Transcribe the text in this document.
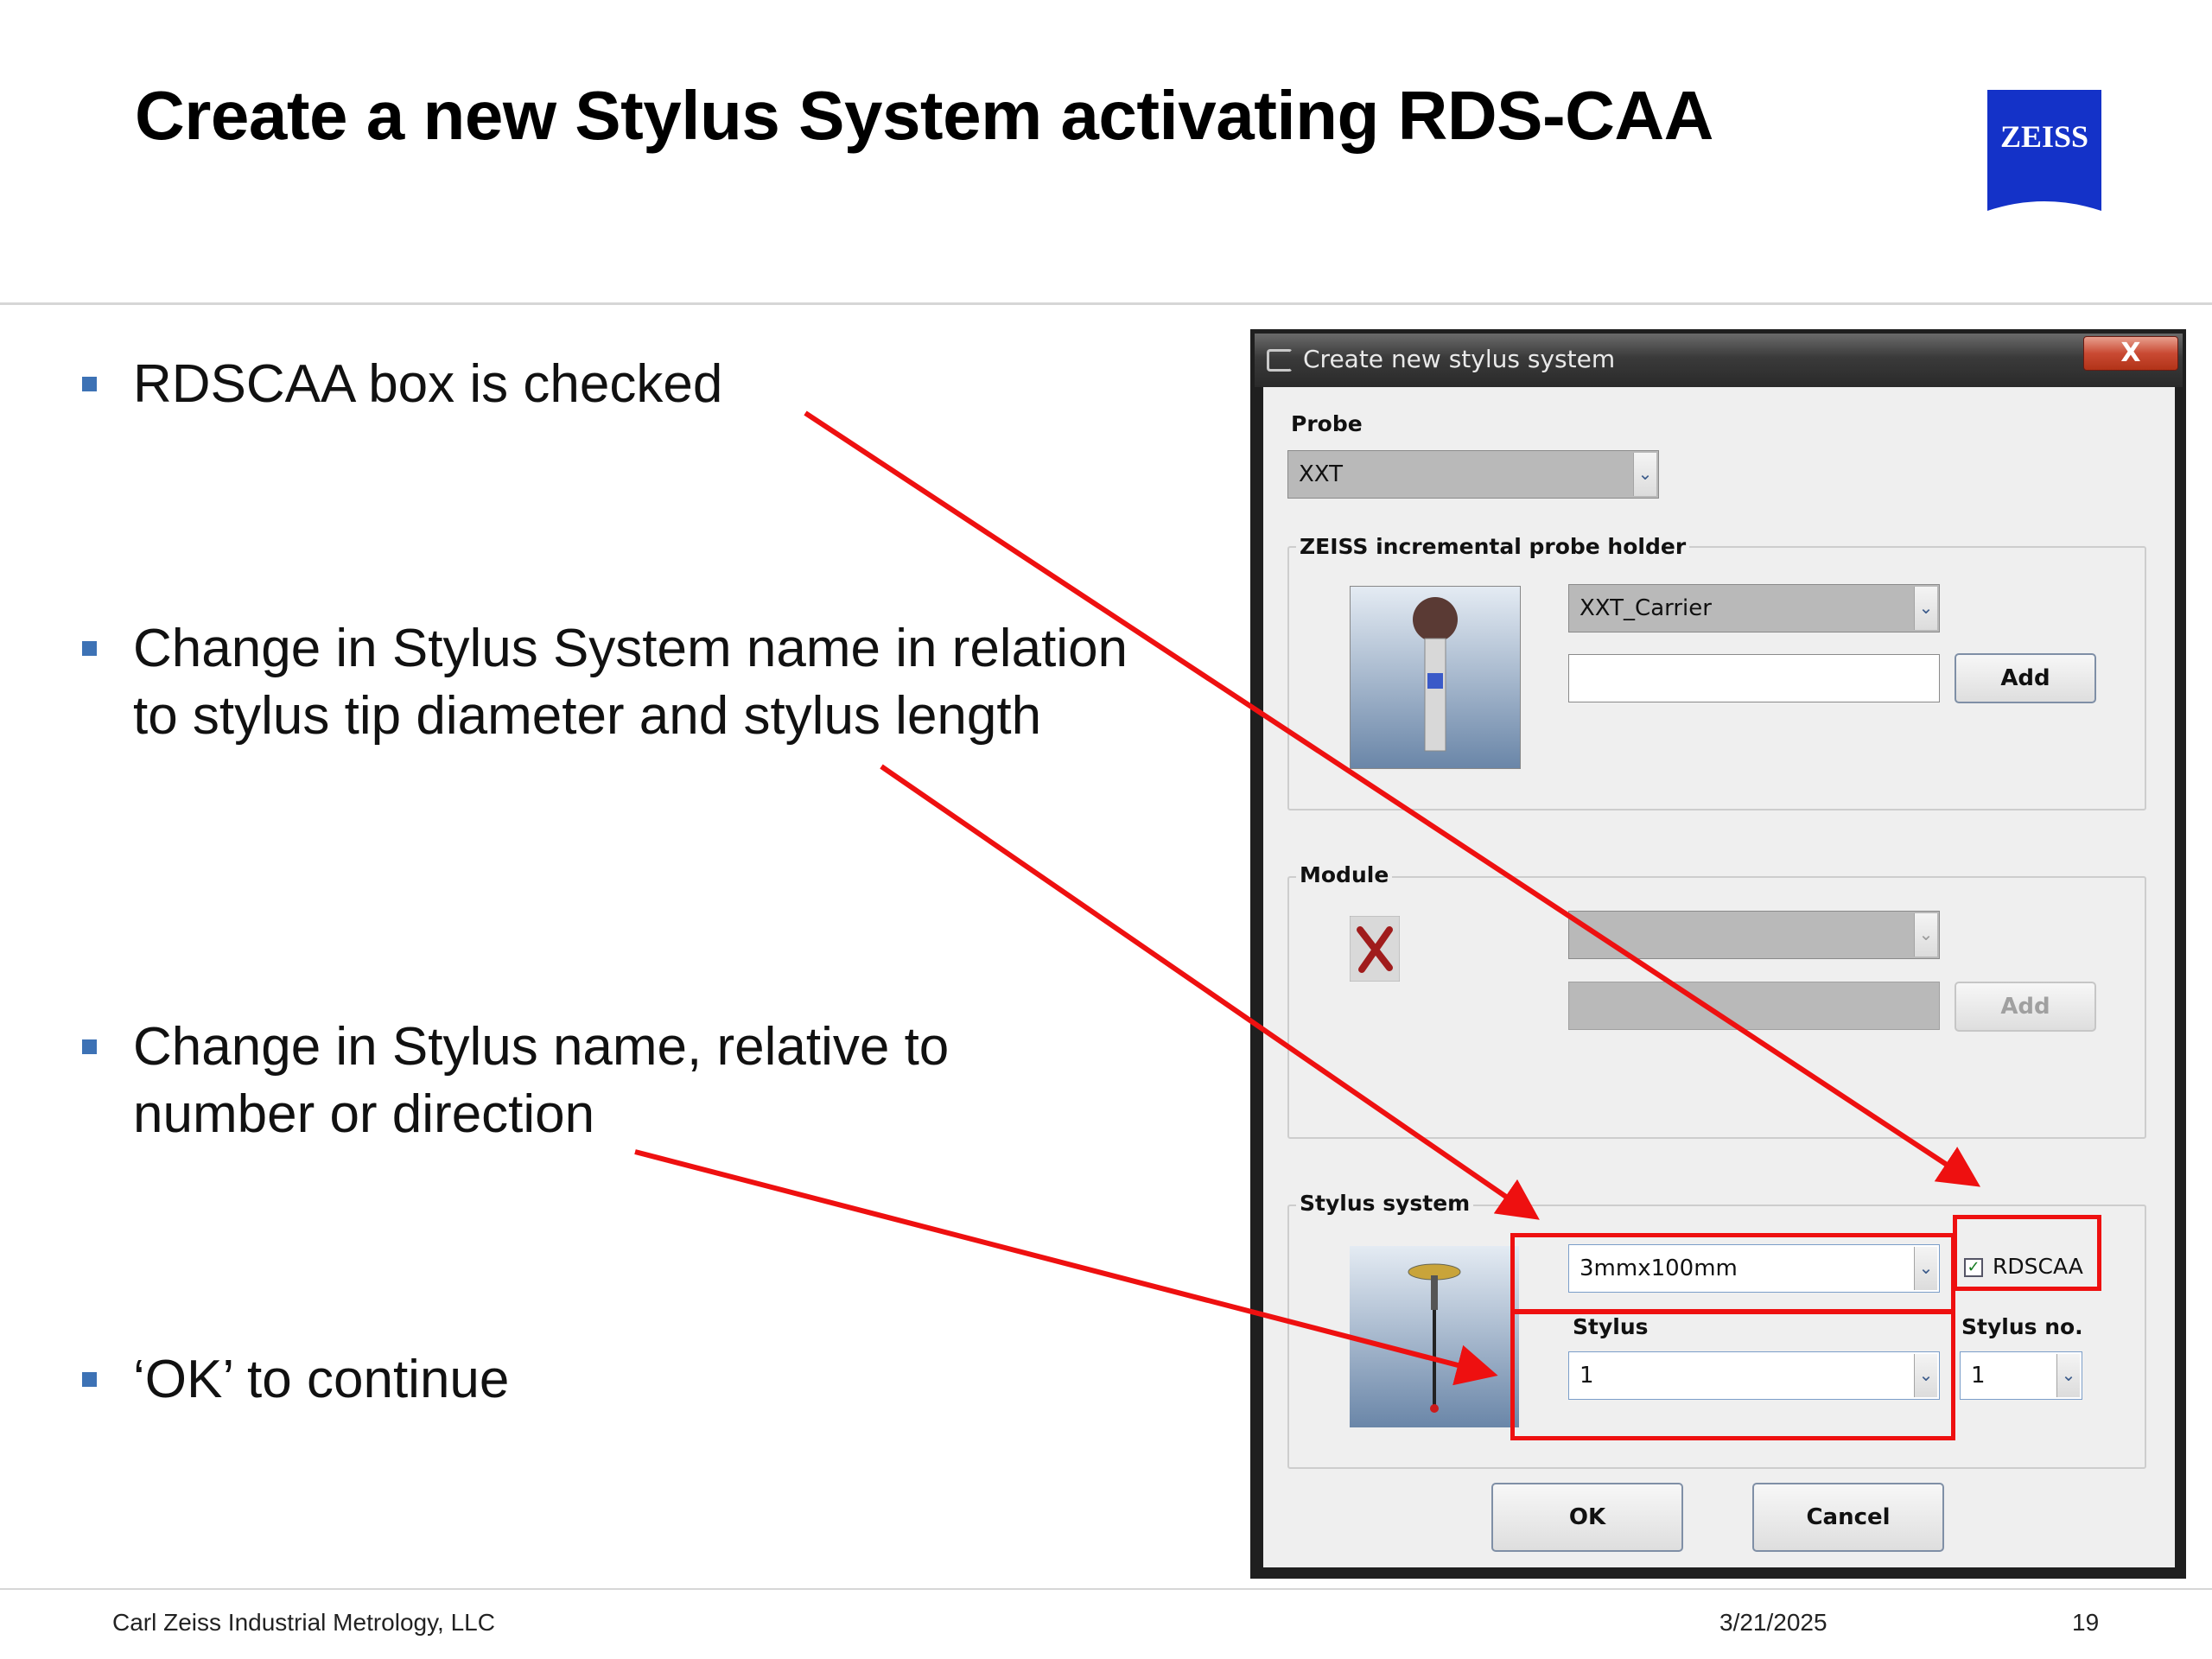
Create a new Stylus System activating RDS-CAA	ZEISS
RDSCAA box is checked
Change in Stylus System name in relation to stylus tip diameter and stylus length
Change in Stylus name, relative to number or direction
‘OK’ to continue
Create new stylus system	X
Probe
XXT	⌄
ZEISS incremental probe holder
XXT_Carrier	⌄
Add
Module
⌄
Add
Stylus system
3mmx100mm	⌄ ✓ RDSCAA
Stylus	Stylus no.
1	⌄ 1	⌄
OK	Cancel
Carl Zeiss Industrial Metrology, LLC	3/21/2025	19
